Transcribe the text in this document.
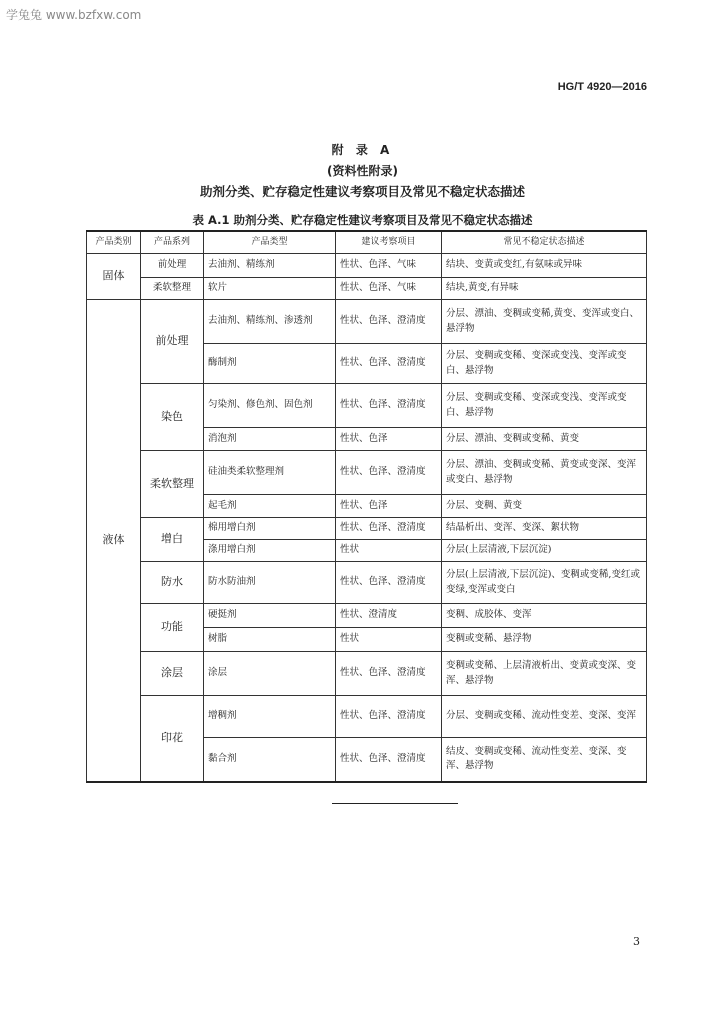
学兔兔 www.bzfxw.com
HG/T 4920—2016
附 录 A
(资料性附录)
助剂分类、贮存稳定性建议考察项目及常见不稳定状态描述
表 A.1 助剂分类、贮存稳定性建议考察项目及常见不稳定状态描述
产品类别	产品系列	产品类型	建议考察项目	常见不稳定状态描述
固体	前处理	去油剂、精练剂	性状、色泽、气味	结块、变黄或变红,有氨味或异味
	柔软整理	软片	性状、色泽、气味	结块,黄变,有异味
液体	前处理	去油剂、精练剂、渗透剂	性状、色泽、澄清度	分层、漂油、变稠或变稀,黄变、变浑或变白、悬浮物
		酶制剂	性状、色泽、澄清度	分层、变稠或变稀、变深或变浅、变浑或变白、悬浮物
	染色	匀染剂、修色剂、固色剂	性状、色泽、澄清度	分层、变稠或变稀、变深或变浅、变浑或变白、悬浮物
		消泡剂	性状、色泽	分层、漂油、变稠或变稀、黄变
	柔软整理	硅油类柔软整理剂	性状、色泽、澄清度	分层、漂油、变稠或变稀、黄变或变深、变浑或变白、悬浮物
		起毛剂	性状、色泽	分层、变稠、黄变
	增白	棉用增白剂	性状、色泽、澄清度	结晶析出、变浑、变深、絮状物
		涤用增白剂	性状	分层(上层清液,下层沉淀)
	防水	防水防油剂	性状、色泽、澄清度	分层(上层清液,下层沉淀)、变稠或变稀,变红或变绿,变浑或变白
	功能	硬挺剂	性状、澄清度	变稠、成胶体、变浑
		树脂	性状	变稠或变稀、悬浮物
	涂层	涂层	性状、色泽、澄清度	变稠或变稀、上层清液析出、变黄或变深、变浑、悬浮物
	印花	增稠剂	性状、色泽、澄清度	分层、变稠或变稀、流动性变差、变深、变浑
		黏合剂	性状、色泽、澄清度	结皮、变稠或变稀、流动性变差、变深、变浑、悬浮物
3
